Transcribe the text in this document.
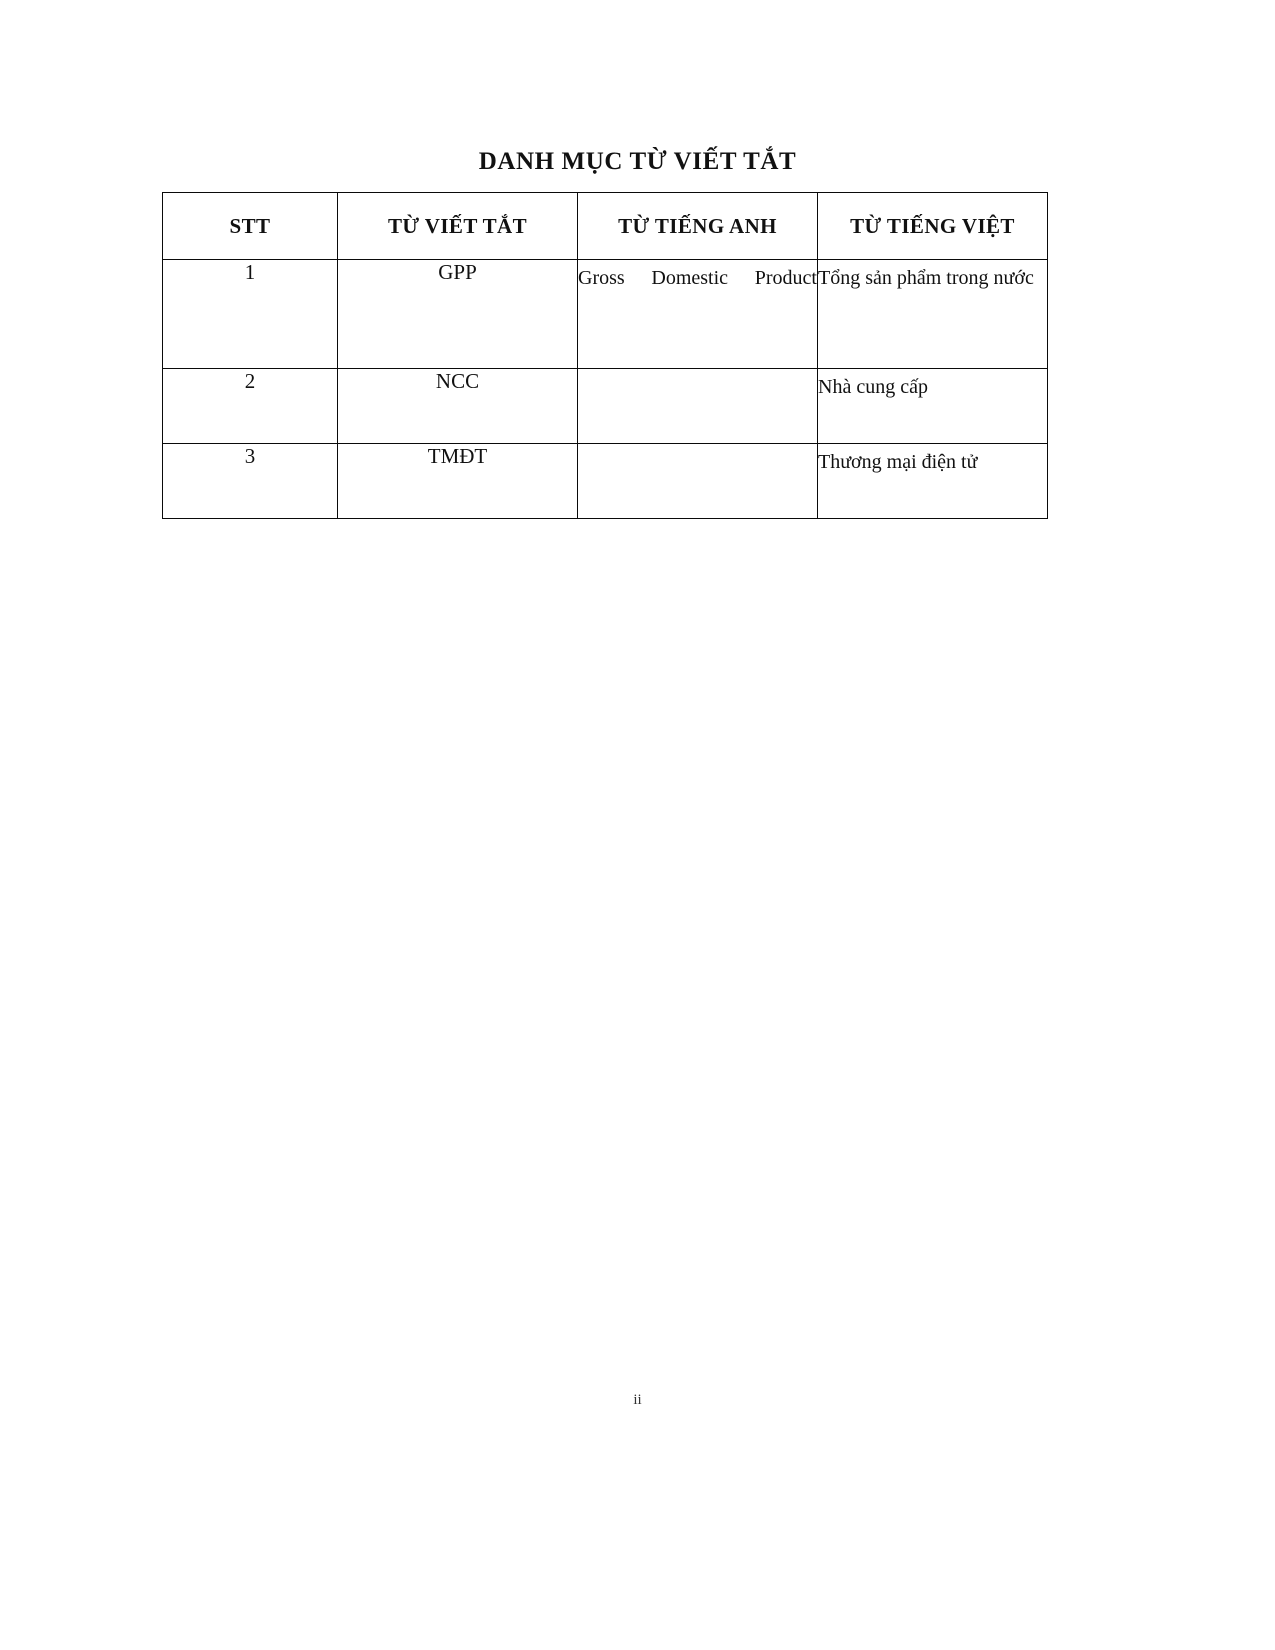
DANH MỤC TỪ VIẾT TẮT
STT	TỪ VIẾT TẮT	TỪ TIẾNG ANH	TỪ TIẾNG VIỆT
1	GPP	Gross Domestic Product	Tổng sản phẩm trong nước
2	NCC		Nhà cung cấp
3	TMĐT		Thương mại điện tử
ii
